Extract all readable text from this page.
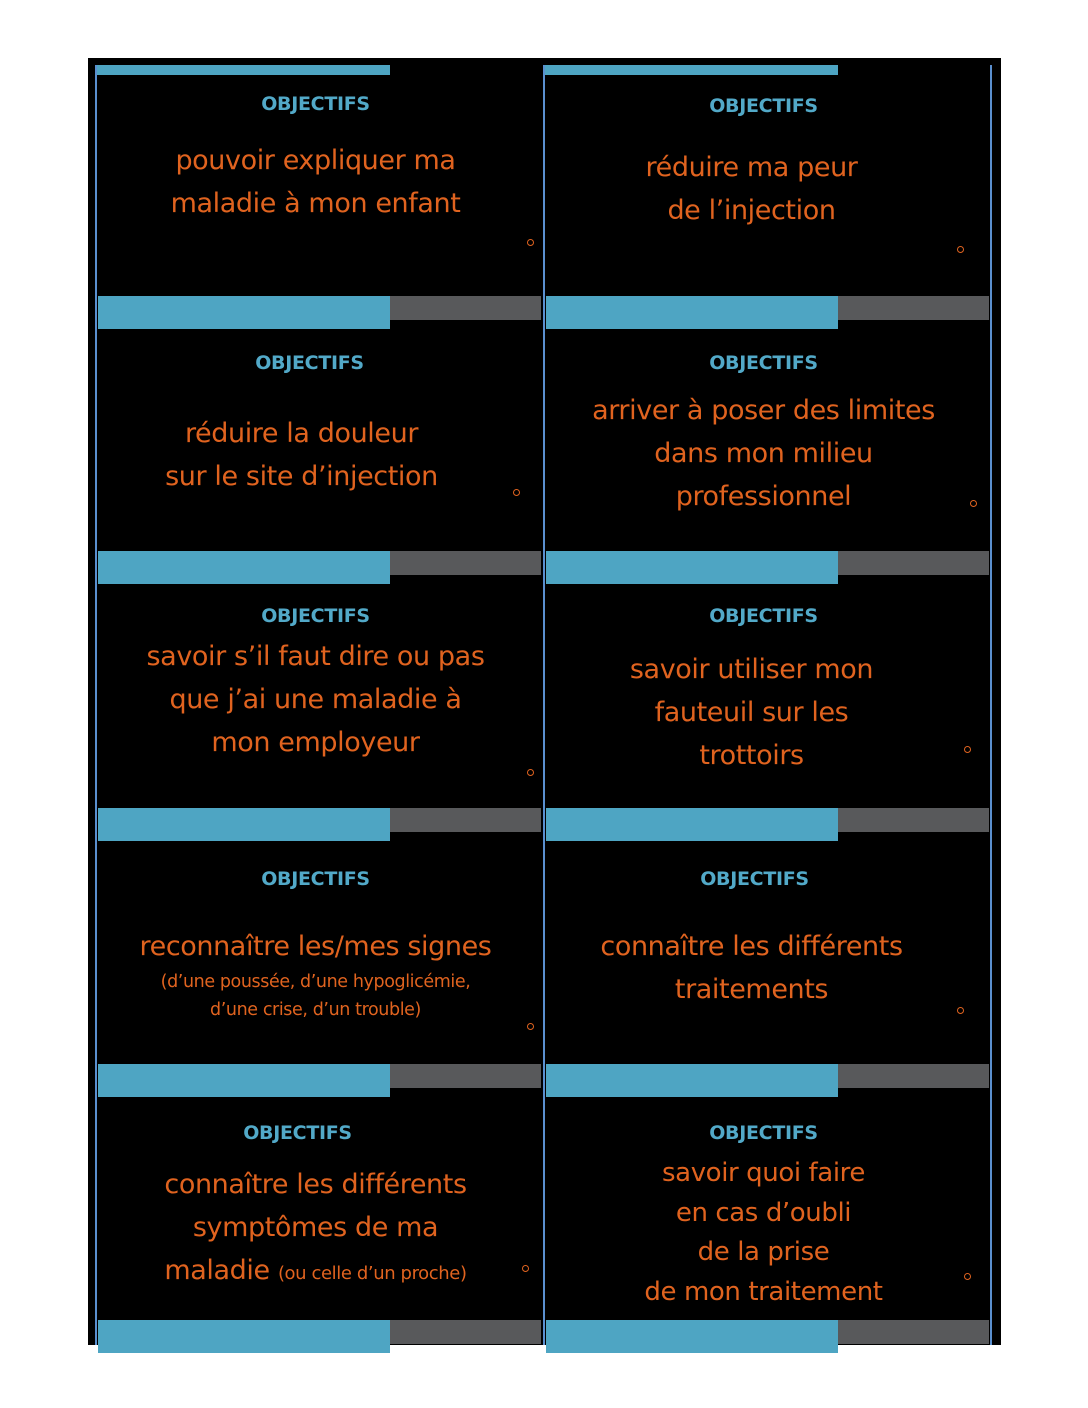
OBJECTIFS
pouvoir expliquer ma
maladie à mon enfant
OBJECTIFS
réduire ma peur
de l’injection
OBJECTIFS
réduire la douleur
sur le site d’injection
OBJECTIFS
arriver à poser des limites
dans mon milieu
professionnel
OBJECTIFS
savoir s’il faut dire ou pas
que j’ai une maladie à
mon employeur
OBJECTIFS
savoir utiliser mon
fauteuil sur les
trottoirs
OBJECTIFS
reconnaître les/mes signes
(d’une poussée, d’une hypoglicémie,
d’une crise, d’un trouble)
OBJECTIFS
connaître les différents
traitements
OBJECTIFS
connaître les différents
symptômes de ma
maladie (ou celle d’un proche)
OBJECTIFS
savoir quoi faire
en cas d’oubli
de la prise
de mon traitement
